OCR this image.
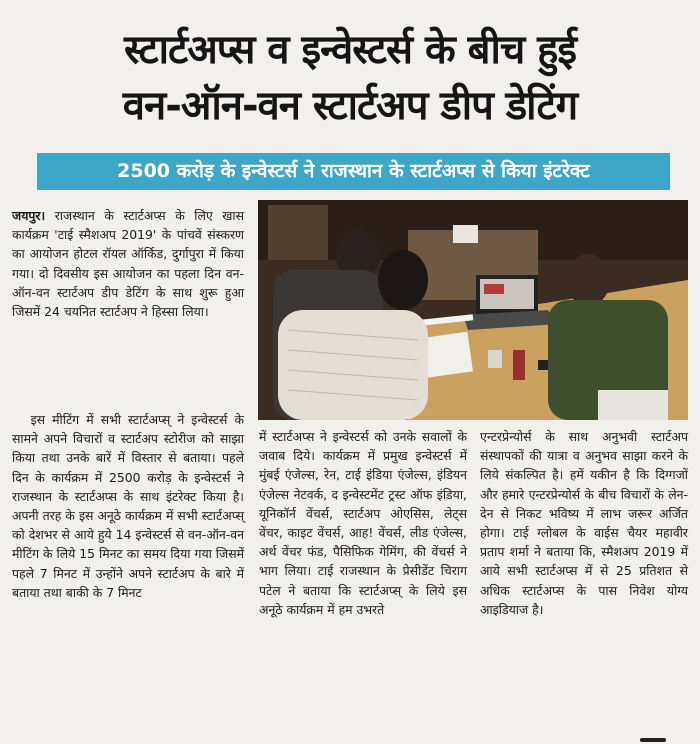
स्टार्टअप्स व इन्वेस्टर्स के बीच हुई
वन-ऑन-वन स्टार्टअप डीप डेटिंग
2500 करोड़ के इन्वेस्टर्स ने राजस्थान के स्टार्टअप्स से किया इंटरेक्ट

जयपुर। राजस्थान के स्टार्टअप्स के लिए खास कार्यक्रम 'टाई स्मैशअप 2019' के पांचवें संस्करण का आयोजन होटल रॉयल ऑर्किड, दुर्गापुरा में किया गया। दो दिवसीय इस आयोजन का पहला दिन वन-ऑन-वन स्टार्टअप डीप डेटिंग के साथ शुरू हुआ जिसमें 24 चयनित स्टार्टअप ने हिस्सा लिया।

इस मीटिंग में सभी स्टार्टअप्स् ने इन्वेस्टर्स के सामने अपने विचारों व स्टार्टअप स्टोरीज को साझा किया तथा उनके बारें में विस्तार से बताया। पहले दिन के कार्यक्रम में 2500 करोड़ के इन्वेस्टर्स ने राजस्थान के स्टार्टअप्स के साथ इंटरेक्ट किया है। अपनी तरह के इस अनूठे कार्यक्रम में सभी स्टार्टअप्स् को देशभर से आये हुये 14 इन्वेस्टर्स से वन-ऑन-वन मीटिंग के लिये 15 मिनट का समय दिया गया जिसमें पहले 7 मिनट में उन्होंने अपने स्टार्टअप के बारे में बताया तथा बाकी के 7 मिनट

में स्टार्टअप्स ने इन्वेस्टर्स को उनके सवालों के जवाब दिये। कार्यक्रम में प्रमुख इन्वेस्टर्स में मुंबई एंजेल्स, रेन, टाई इंडिया एंजेल्स, इंडियन एंजेल्स नेटवर्क, द इन्वेस्टमेंट ट्रस्ट ऑफ इंडिया, यूनिकॉर्न वेंचर्स, स्टार्टअप ओएसिस, लेट्स वेंचर, काइट वेंचर्स, आह! वेंचर्स, लीड एंजेल्स, अर्थ वेंचर फंड, पैसिफिक गेमिंग, की वेंचर्स ने भाग लिया। टाई राजस्थान के प्रेसीडेंट चिराग पटेल ने बताया कि स्टार्टअप्स् के लिये इस अनूठे कार्यक्रम में हम उभरते

एन्टरप्रेन्योर्स के साथ अनुभवी स्टार्टअप संस्थापकों की यात्रा व अनुभव साझा करने के लिये संकल्पित है। हमें यकीन है कि दिग्गजों और हमारे एन्टरप्रेन्योर्स के बीच विचारों के लेन-देन से निकट भविष्य में लाभ जरूर अर्जित होगा। टाई ग्लोबल के वाईस चैयर महावीर प्रताप शर्मा ने बताया कि, स्मैशअप 2019 में आये सभी स्टार्टअप्स में से 25 प्रतिशत से अधिक स्टार्टअप्स के पास निवेश योग्य आइडियाज है।
